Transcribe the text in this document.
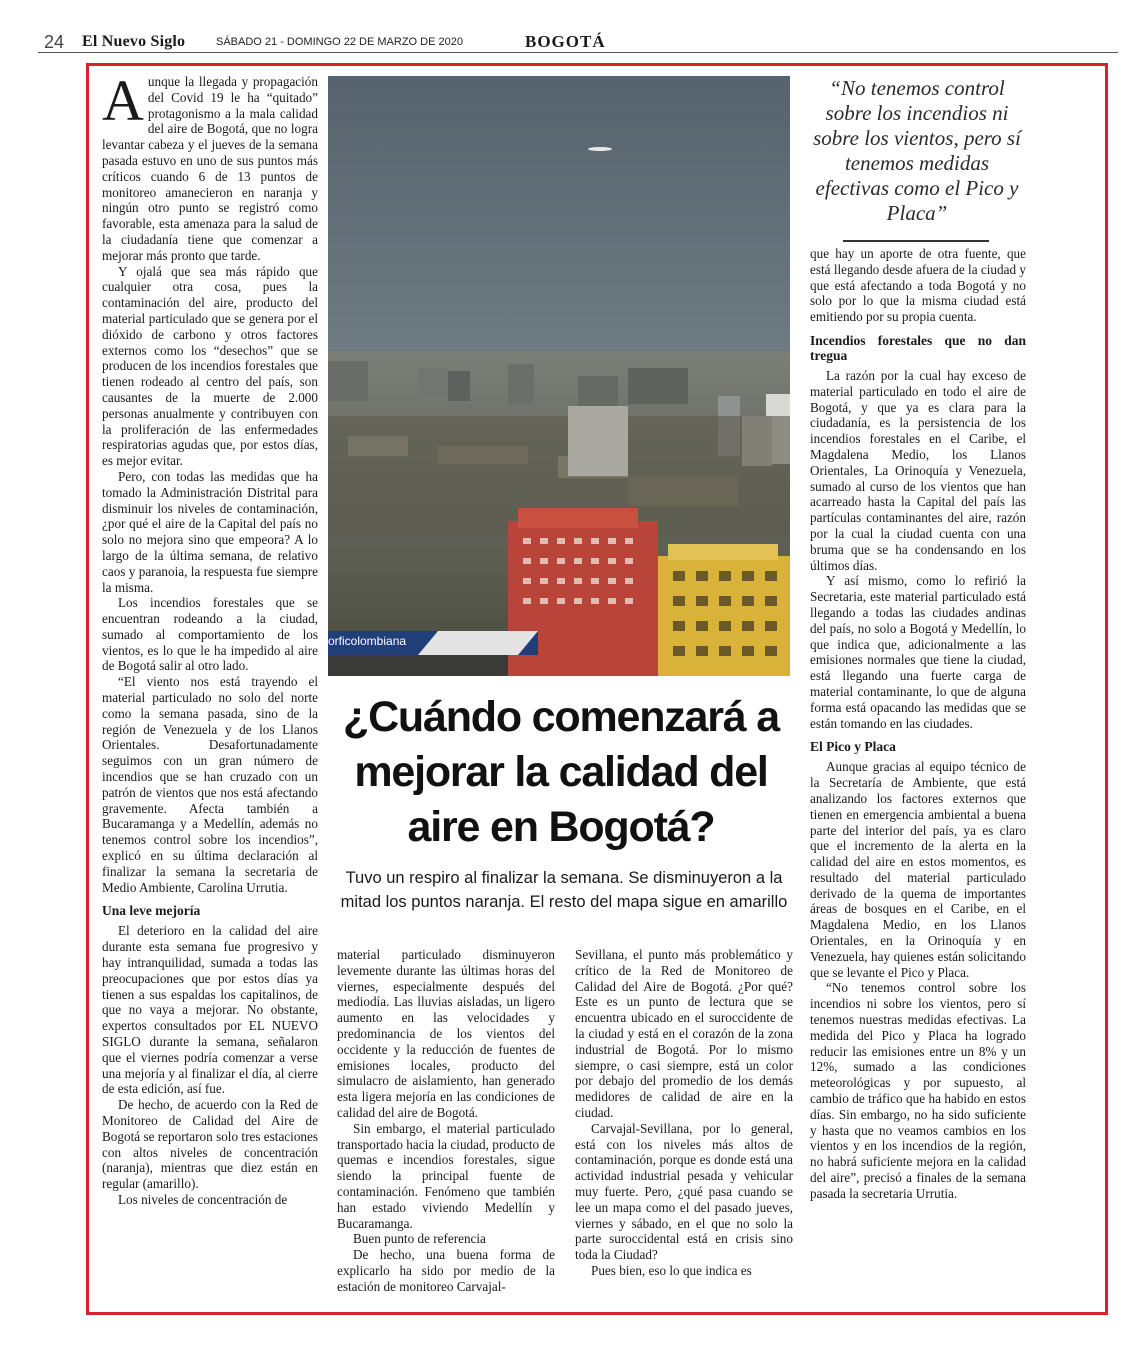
24 El Nuevo Siglo	SÁBADO 21 - DOMINGO 22 DE MARZO DE 2020	BOGOTÁ
orficolombiana
“No tenemos control sobre los incendios ni sobre los vientos, pero sí tenemos medidas efectivas como el Pico y Placa”
¿Cuándo comenzará a mejorar la calidad del aire en Bogotá?
Tuvo un respiro al finalizar la semana. Se disminuyeron a la mitad los puntos naranja. El resto del mapa sigue en amarillo

Aunque la llegada y propagación del Covid 19 le ha “quitado” protagonismo a la mala calidad del aire de Bogotá, que no logra levantar cabeza y el jueves de la semana pasada estuvo en uno de sus puntos más críticos cuando 6 de 13 puntos de monitoreo amanecieron en naranja y ningún otro punto se registró como favorable, esta amenaza para la salud de la ciudadanía tiene que comenzar a mejorar más pronto que tarde.

Y ojalá que sea más rápido que cualquier otra cosa, pues la contaminación del aire, producto del material particulado que se genera por el dióxido de carbono y otros factores externos como los “desechos” que se producen de los incendios forestales que tienen rodeado al centro del país, son causantes de la muerte de 2.000 personas anualmente y contribuyen con la proliferación de las enfermedades respiratorias agudas que, por estos días, es mejor evitar.

Pero, con todas las medidas que ha tomado la Administración Distrital para disminuir los niveles de contaminación, ¿por qué el aire de la Capital del país no solo no mejora sino que empeora? A lo largo de la última semana, de relativo caos y paranoia, la respuesta fue siempre la misma.

Los incendios forestales que se encuentran rodeando a la ciudad, sumado al comportamiento de los vientos, es lo que le ha impedido al aire de Bogotá salir al otro lado.

“El viento nos está trayendo el material particulado no solo del norte como la semana pasada, sino de la región de Venezuela y de los Llanos Orientales. Desafortunadamente seguimos con un gran número de incendios que se han cruzado con un patrón de vientos que nos está afectando gravemente. Afecta también a Bucaramanga y a Medellín, además no tenemos control sobre los incendios”, explicó en su última declaración al finalizar la semana la secretaria de Medio Ambiente, Carolina Urrutia.

Una leve mejoría

El deterioro en la calidad del aire durante esta semana fue progresivo y hay intranquilidad, sumada a todas las preocupaciones que por estos días ya tienen a sus espaldas los capitalinos, de que no vaya a mejorar. No obstante, expertos consultados por EL NUEVO SIGLO durante la semana, señalaron que el viernes podría comenzar a verse una mejoría y al finalizar el día, al cierre de esta edición, así fue.

De hecho, de acuerdo con la Red de Monitoreo de Calidad del Aire de Bogotá se reportaron solo tres estaciones con altos niveles de concentración (naranja), mientras que diez están en regular (amarillo).

Los niveles de concentración de

material particulado disminuyeron levemente durante las últimas horas del viernes, especialmente después del mediodía. Las lluvias aisladas, un ligero aumento en las velocidades y predominancia de los vientos del occidente y la reducción de fuentes de emisiones locales, producto del simulacro de aislamiento, han generado esta ligera mejoría en las condiciones de calidad del aire de Bogotá.

Sin embargo, el material particulado transportado hacia la ciudad, producto de quemas e incendios forestales, sigue siendo la principal fuente de contaminación. Fenómeno que también han estado viviendo Medellín y Bucaramanga.

Buen punto de referencia

De hecho, una buena forma de explicarlo ha sido por medio de la estación de monitoreo Carvajal-

Sevillana, el punto más problemático y crítico de la Red de Monitoreo de Calidad del Aire de Bogotá. ¿Por qué? Este es un punto de lectura que se encuentra ubicado en el suroccidente de la ciudad y está en el corazón de la zona industrial de Bogotá. Por lo mismo siempre, o casi siempre, está un color por debajo del promedio de los demás medidores de calidad de aire en la ciudad.

Carvajal-Sevillana, por lo general, está con los niveles más altos de contaminación, porque es donde está una actividad industrial pesada y vehicular muy fuerte. Pero, ¿qué pasa cuando se lee un mapa como el del pasado jueves, viernes y sábado, en el que no solo la parte suroccidental está en crisis sino toda la Ciudad?

Pues bien, eso lo que indica es

que hay un aporte de otra fuente, que está llegando desde afuera de la ciudad y que está afectando a toda Bogotá y no solo por lo que la misma ciudad está emitiendo por su propia cuenta.

Incendios forestales que no dan tregua

La razón por la cual hay exceso de material particulado en todo el aire de Bogotá, y que ya es clara para la ciudadanía, es la persistencia de los incendios forestales en el Caribe, el Magdalena Medio, los Llanos Orientales, La Orinoquía y Venezuela, sumado al curso de los vientos que han acarreado hasta la Capital del país las partículas contaminantes del aire, razón por la cual la ciudad cuenta con una bruma que se ha condensando en los últimos días.

Y así mismo, como lo refirió la Secretaria, este material particulado está llegando a todas las ciudades andinas del país, no solo a Bogotá y Medellín, lo que indica que, adicionalmente a las emisiones normales que tiene la ciudad, está llegando una fuerte carga de material contaminante, lo que de alguna forma está opacando las medidas que se están tomando en las ciudades.

El Pico y Placa

Aunque gracias al equipo técnico de la Secretaría de Ambiente, que está analizando los factores externos que tienen en emergencia ambiental a buena parte del interior del país, ya es claro que el incremento de la alerta en la calidad del aire en estos momentos, es resultado del material particulado derivado de la quema de importantes áreas de bosques en el Caribe, en el Magdalena Medio, en los Llanos Orientales, en la Orinoquía y en Venezuela, hay quienes están solicitando que se levante el Pico y Placa.

“No tenemos control sobre los incendios ni sobre los vientos, pero sí tenemos nuestras medidas efectivas. La medida del Pico y Placa ha logrado reducir las emisiones entre un 8% y un 12%, sumado a las condiciones meteorológicas y por supuesto, al cambio de tráfico que ha habido en estos días. Sin embargo, no ha sido suficiente y hasta que no veamos cambios en los vientos y en los incendios de la región, no habrá suficiente mejora en la calidad del aire”, precisó a finales de la semana pasada la secretaria Urrutia.
